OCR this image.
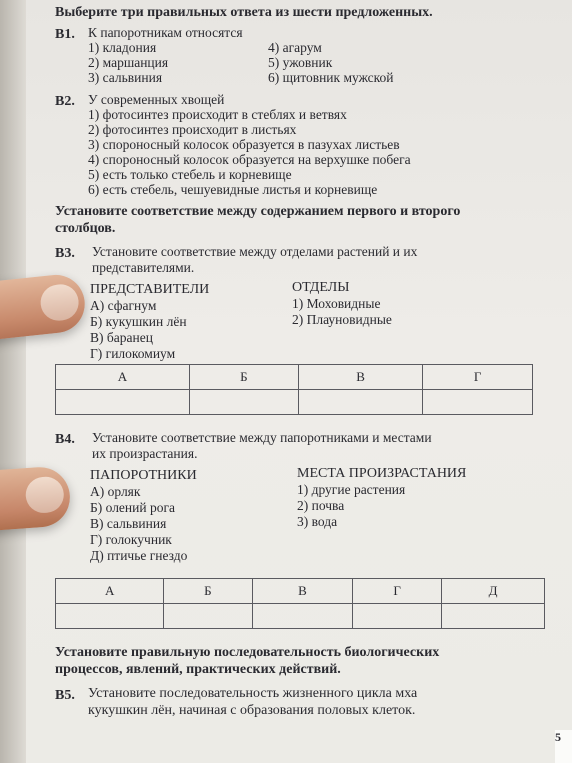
Выберите три правильных ответа из шести предложенных.
B1. К папоротникам относятся
1) кладония
2) маршанция
3) сальвиния
4) агарум
5) ужовник
6) щитовник мужской
B2. У современных хвощей
1) фотосинтез происходит в стеблях и ветвях
2) фотосинтез происходит в листьях
3) спороносный колосок образуется в пазухах листьев
4) спороносный колосок образуется на верхушке побега
5) есть только стебель и корневище
6) есть стебель, чешуевидные листья и корневище
Установите соответствие между содержанием первого и второго
столбцов.
B3. Установите соответствие между отделами растений и их
представителями.
ПРЕДСТАВИТЕЛИ
А) сфагнум
Б) кукушкин лён
В) баранец
Г) гилокомиум
ОТДЕЛЫ
1) Моховидные
2) Плауновидные
А	Б	В	Г

B4. Установите соответствие между папоротниками и местами
их произрастания.
ПАПОРОТНИКИ
А) орляк
Б) олений рога
В) сальвиния
Г) голокучник
Д) птичье гнездо
МЕСТА ПРОИЗРАСТАНИЯ
1) другие растения
2) почва
3) вода
А	Б	В	Г	Д

Установите правильную последовательность биологических
процессов, явлений, практических действий.
B5. Установите последовательность жизненного цикла мха
кукушкин лён, начиная с образования половых клеток.
5
